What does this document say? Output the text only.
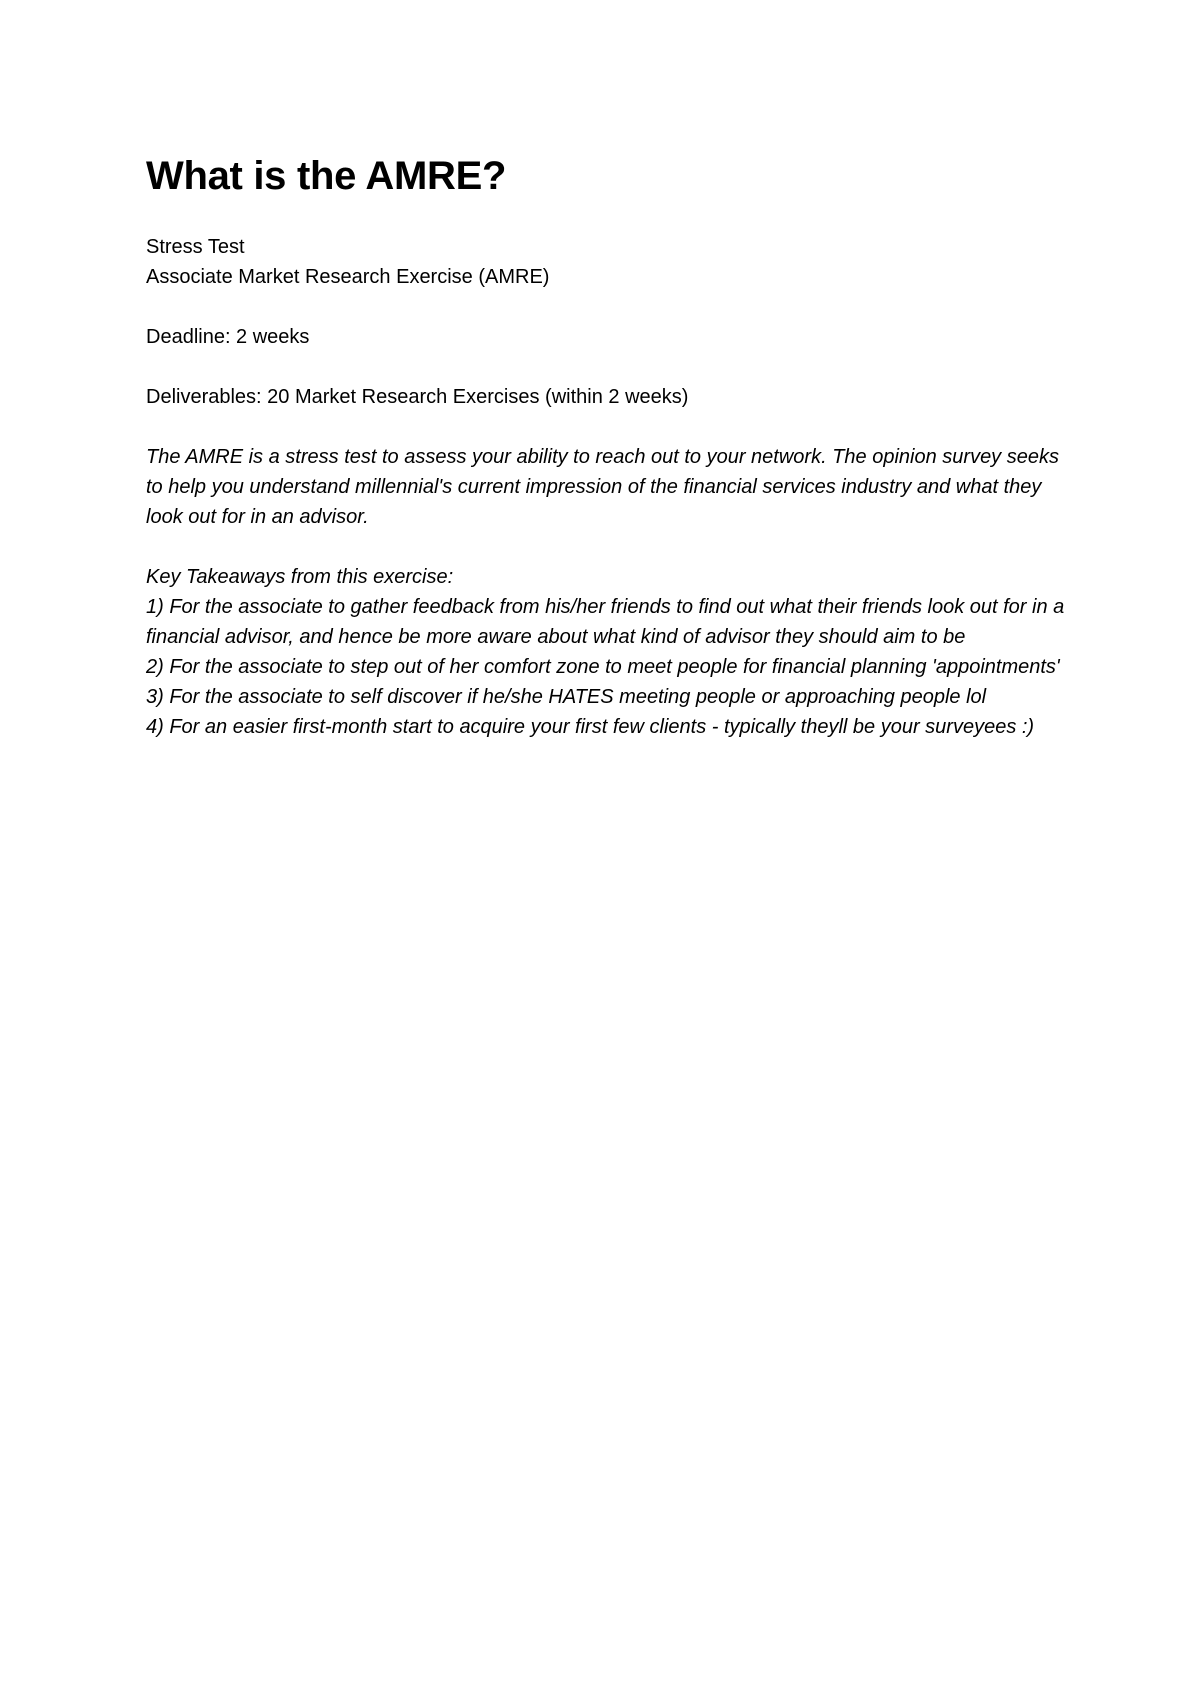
What is the AMRE?

Stress Test

Associate Market Research Exercise (AMRE)

Deadline: 2 weeks

Deliverables: 20 Market Research Exercises (within 2 weeks)

The AMRE is a stress test to assess your ability to reach out to your network. The opinion survey seeks to help you understand millennial's current impression of the financial services industry and what they look out for in an advisor.

Key Takeaways from this exercise:

1) For the associate to gather feedback from his/her friends to find out what their friends look out for in a financial advisor, and hence be more aware about what kind of advisor they should aim to be

2) For the associate to step out of her comfort zone to meet people for financial planning 'appointments'

3) For the associate to self discover if he/she HATES meeting people or approaching people lol

4) For an easier first-month start to acquire your first few clients - typically theyll be your surveyees :)
